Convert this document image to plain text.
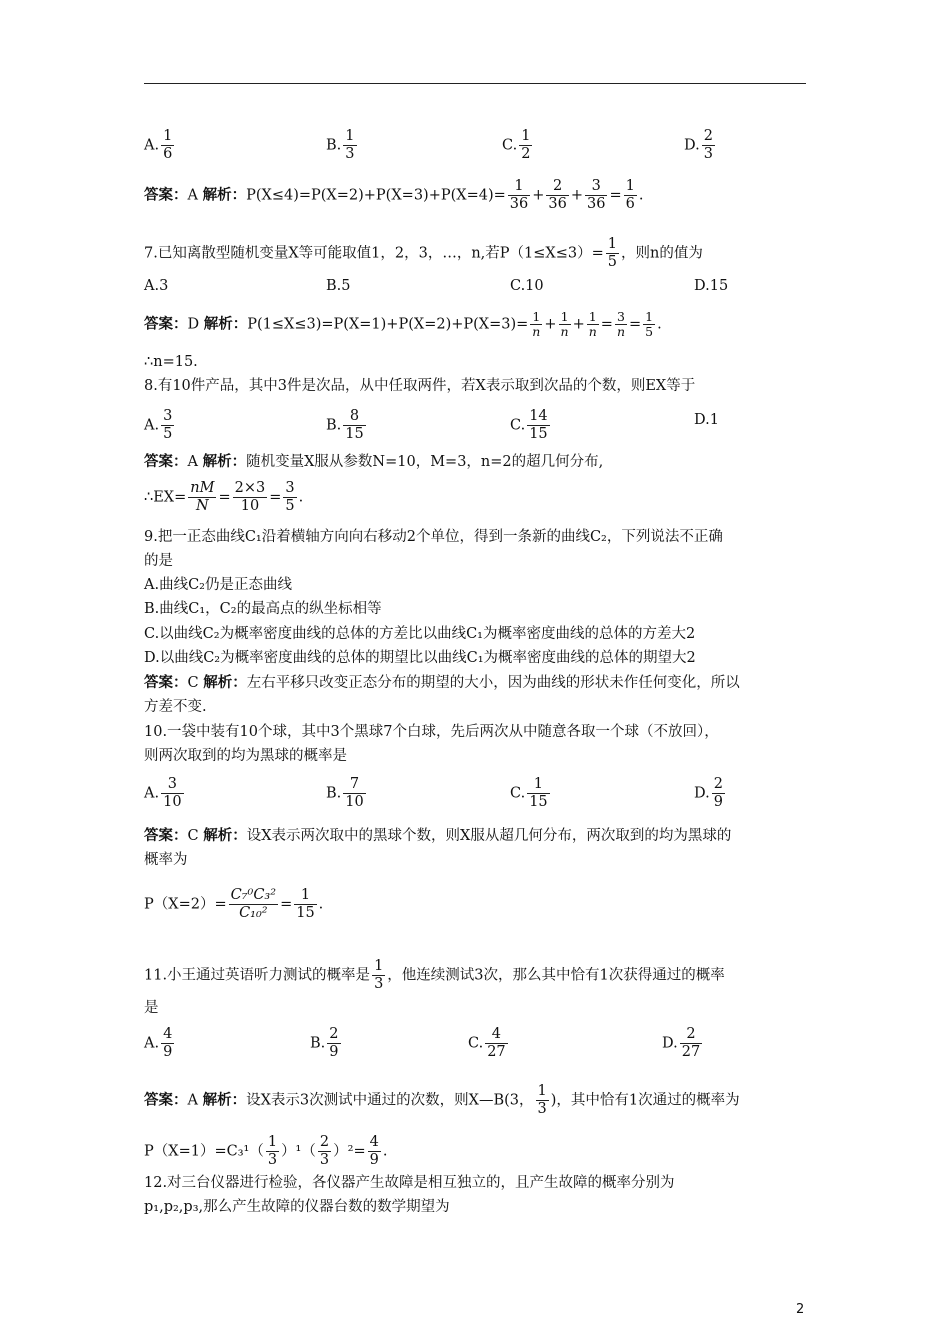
A. $\frac{1}{6}$	B. $\frac{1}{3}$	C. $\frac{1}{2}$	D. $\frac{2}{3}$
答案：A 解析：$P(X\le 4)=P(X=2)+P(X=3)+P(X=4)= \frac{1}{36} + \frac{2}{36} + \frac{3}{36} = \frac{1}{6}$ .
7.已知离散型随机变量X等可能取值1，2，3，…，n,若$P(1\le X\le 3)= \frac{1}{5}$ ，则n的值为
A.3	B.5	C.10	D.15
答案：D 解析：$P(1\le X\le 3)=P(X=1)+P(X=2)+P(X=3)= \frac{1}{n} + \frac{1}{n} + \frac{1}{n} = \frac{3}{n} = \frac{1}{5}$ .
∴n=15.
8.有10件产品，其中3件是次品，从中任取两件，若X表示取到次品的个数，则EX等于
A. $\frac{3}{5}$	B. $\frac{8}{15}$	C. $\frac{14}{15}$	D.1
答案：A 解析：随机变量X服从参数N=10，M=3，n=2的超几何分布,
∴EX= $\frac{nM}{N} = \frac{2\times 3}{10} = \frac{3}{5}$ .
9.把一正态曲线C₁沿着横轴方向向右移动2个单位，得到一条新的曲线C₂，下列说法不正确
的是
A.曲线C₂仍是正态曲线
B.曲线C₁，C₂的最高点的纵坐标相等
C.以曲线C₂为概率密度曲线的总体的方差比以曲线C₁为概率密度曲线的总体的方差大2
D.以曲线C₂为概率密度曲线的总体的期望比以曲线C₁为概率密度曲线的总体的期望大2
答案：C 解析：左右平移只改变正态分布的期望的大小，因为曲线的形状未作任何变化，所以
方差不变.
10.一袋中装有10个球，其中3个黑球7个白球，先后两次从中随意各取一个球（不放回），
则两次取到的均为黑球的概率是
A. $\frac{3}{10}$	B. $\frac{7}{10}$	C. $\frac{1}{15}$	D. $\frac{2}{9}$
答案：C 解析：设X表示两次取中的黑球个数，则X服从超几何分布，两次取到的均为黑球的
概率为
$P(X=2)= \frac{\text{C₇⁰C₃²}}{\text{C₁₀²}} = \frac{1}{15}$ .
11.小王通过英语听力测试的概率是 $\frac{1}{3}$ ，他连续测试3次，那么其中恰有1次获得通过的概率
是
A. $\frac{4}{9}$	B. $\frac{2}{9}$	C. $\frac{4}{27}$	D. $\frac{2}{27}$
答案：A 解析：设X表示3次测试中通过的次数，则X—B(3， $\frac{1}{3}$ )，其中恰有1次通过的概率为
$P(X=1)=C_3^1( \frac{1}{3} )^1( \frac{2}{3} )^2= \frac{4}{9}$ .
12.对三台仪器进行检验，各仪器产生故障是相互独立的，且产生故障的概率分别为
p₁,p₂,p₃,那么产生故障的仪器台数的数学期望为
2
